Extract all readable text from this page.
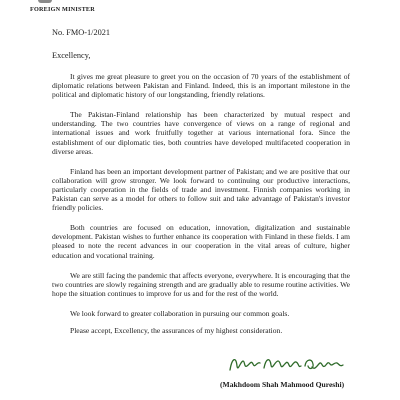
FOREIGN MINISTER
No. FMO-1/2021
Excellency,

It gives me great pleasure to greet you on the occasion of 70 years of the establishment of diplomatic relations between Pakistan and Finland. Indeed, this is an important milestone in the political and diplomatic history of our longstanding, friendly relations.

The Pakistan-Finland relationship has been characterized by mutual respect and understanding. The two countries have convergence of views on a range of regional and international issues and work fruitfully together at various international fora. Since the establishment of our diplomatic ties, both countries have developed multifaceted cooperation in diverse areas.

Finland has been an important development partner of Pakistan; and we are positive that our collaboration will grow stronger. We look forward to continuing our productive interactions, particularly cooperation in the fields of trade and investment. Finnish companies working in Pakistan can serve as a model for others to follow suit and take advantage of Pakistan's investor friendly policies.

Both countries are focused on education, innovation, digitalization and sustainable development. Pakistan wishes to further enhance its cooperation with Finland in these fields. I am pleased to note the recent advances in our cooperation in the vital areas of culture, higher education and vocational training.

We are still facing the pandemic that affects everyone, everywhere. It is encouraging that the two countries are slowly regaining strength and are gradually able to resume routine activities. We hope the situation continues to improve for us and for the rest of the world.

We look forward to greater collaboration in pursuing our common goals.

Please accept, Excellency, the assurances of my highest consideration.

(Makhdoom Shah Mahmood Qureshi)
